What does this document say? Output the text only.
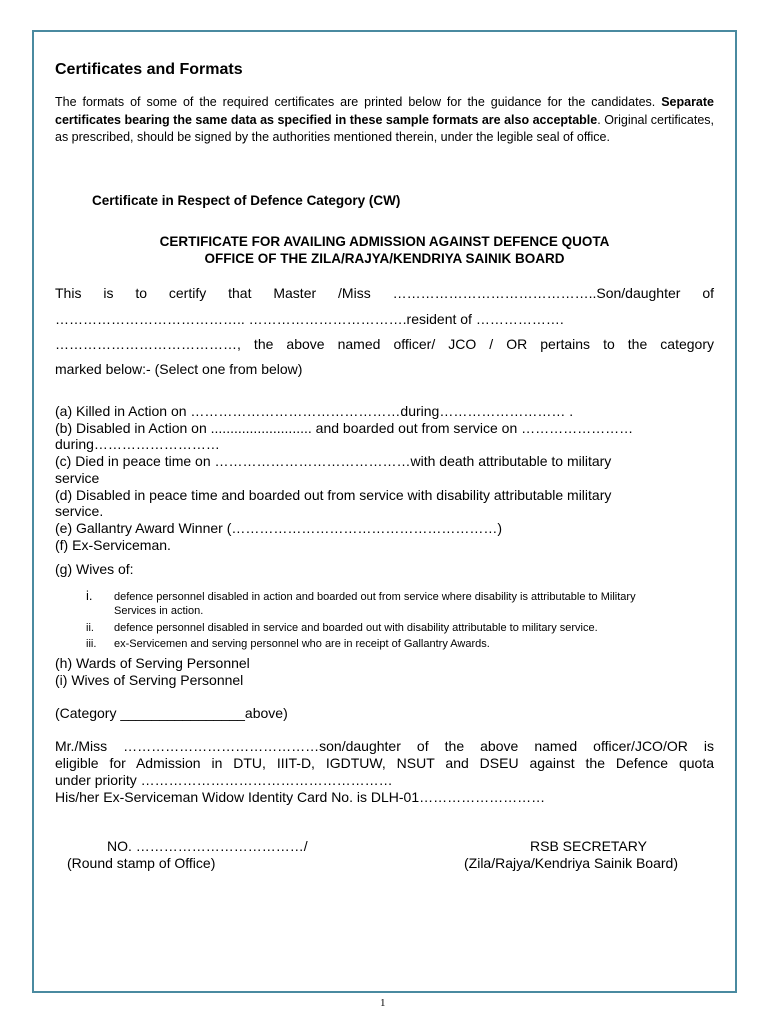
Certificates and Formats
The formats of some of the required certificates are printed below for the guidance for the candidates. Separate certificates bearing the same data as specified in these sample formats are also acceptable. Original certificates, as prescribed, should be signed by the authorities mentioned therein, under the legible seal of office.
Certificate in Respect of Defence Category (CW)
CERTIFICATE FOR AVAILING ADMISSION AGAINST DEFENCE QUOTA
OFFICE OF THE ZILA/RAJYA/KENDRIYA SAINIK BOARD
This is to certify that Master /Miss ……………………………………..Son/daughter of
………………………………….. …………………………….resident of ……………….
…………………………………, the above named officer/ JCO / OR pertains to the category
marked below:- (Select one from below)
(a) Killed in Action on ………………………………………during……………………… .
(b) Disabled in Action on .......................... and boarded out from service on ……………………
during………………………
(c) Died in peace time on ……………………………………with death attributable to military
service
(d) Disabled in peace time and boarded out from service with disability attributable military
service.
(e) Gallantry Award Winner (…………………………………………………)
(f) Ex-Serviceman.
(g) Wives of:
i. defence personnel disabled in action and boarded out from service where disability is attributable to Military
Services in action.
ii. defence personnel disabled in service and boarded out with disability attributable to military service.
iii. ex-Servicemen and serving personnel who are in receipt of Gallantry Awards.
(h) Wards of Serving Personnel
(i) Wives of Serving Personnel
(Category ________________above)
Mr./Miss ……………………………………son/daughter of the above named officer/JCO/OR is
eligible for Admission in DTU, IIIT-D, IGDTUW, NSUT and DSEU against the Defence quota
under priority ………………………………………………
His/her Ex-Serviceman Widow Identity Card No. is DLH-01………………………
NO. ………………………………/
(Round stamp of Office)
RSB SECRETARY
(Zila/Rajya/Kendriya Sainik Board)
1
